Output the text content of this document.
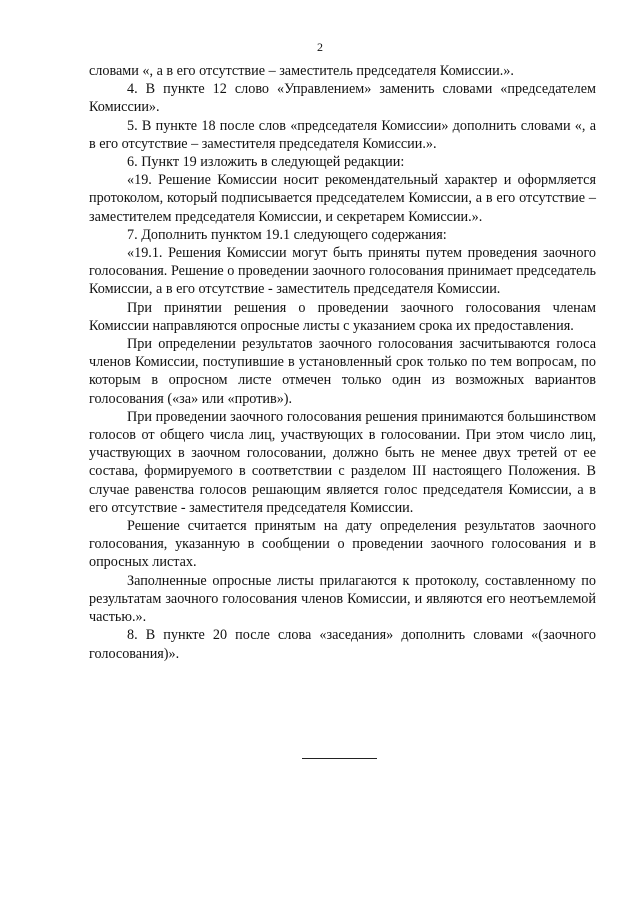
2

словами «, а в его отсутствие – заместитель председателя Комиссии.».

4. В пункте 12 слово «Управлением» заменить словами «председателем Комиссии».

5. В пункте 18 после слов «председателя Комиссии» дополнить словами «, а в его отсутствие – заместителя председателя Комиссии.».

6. Пункт 19 изложить в следующей редакции:

«19. Решение Комиссии носит рекомендательный характер и оформляется протоколом, который подписывается председателем Комиссии, а в его отсутствие – заместителем председателя Комиссии, и секретарем Комиссии.».

7. Дополнить пунктом 19.1 следующего содержания:

«19.1. Решения Комиссии могут быть приняты путем проведения заочного голосования. Решение о проведении заочного голосования принимает председатель Комиссии, а в его отсутствие - заместитель председателя Комиссии.

При принятии решения о проведении заочного голосования членам Комиссии направляются опросные листы с указанием срока их предоставления.

При определении результатов заочного голосования засчитываются голоса членов Комиссии, поступившие в установленный срок только по тем вопросам, по которым в опросном листе отмечен только один из возможных вариантов голосования («за» или «против»).

При проведении заочного голосования решения принимаются большинством голосов от общего числа лиц, участвующих в голосовании. При этом число лиц, участвующих в заочном голосовании, должно быть не менее двух третей от ее состава, формируемого в соответствии с разделом III настоящего Положения. В случае равенства голосов решающим является голос председателя Комиссии, а в его отсутствие - заместителя председателя Комиссии.

Решение считается принятым на дату определения результатов заочного голосования, указанную в сообщении о проведении заочного голосования и в опросных листах.

Заполненные опросные листы прилагаются к протоколу, составленному по результатам заочного голосования членов Комиссии, и являются его неотъемлемой частью.».

8. В пункте 20 после слова «заседания» дополнить словами «(заочного голосования)».
